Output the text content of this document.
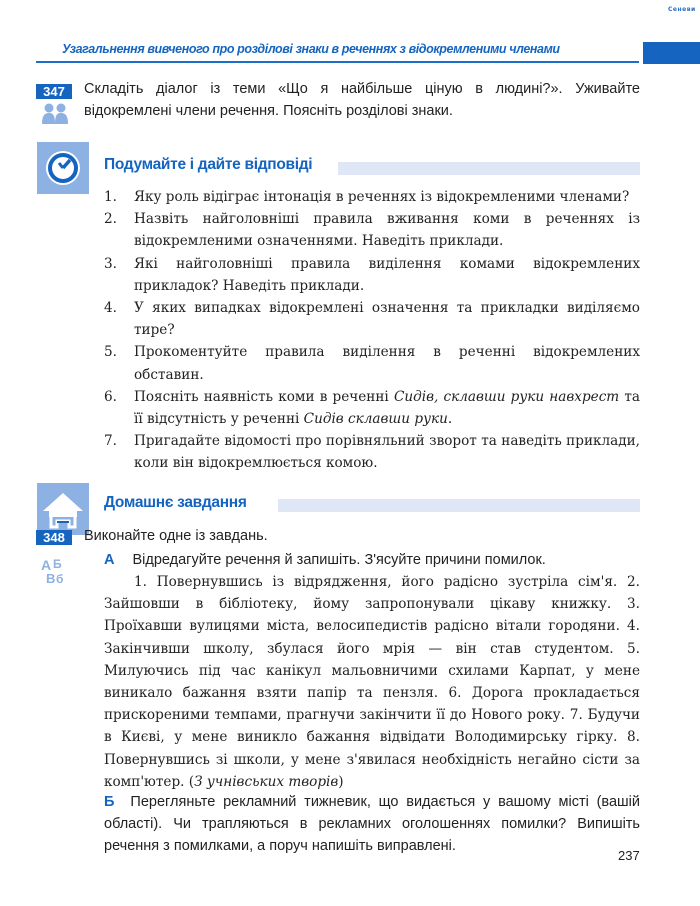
Сеневи
Узагальнення вивченого про розділові знаки в реченнях з відокремленими членами
347	Складіть діалог із теми «Що я найбільше ціную в людині?». Уживайте відокремлені члени речення. Поясніть розділові знаки.

Подумайте і дайте відповіді
1. Яку роль відіграє інтонація в реченнях із відокремленими членами?
2. Назвіть найголовніші правила вживання коми в реченнях із відокремленими означеннями. Наведіть приклади.
3. Які найголовніші правила виділення комами відокремлених прикладок? Наведіть приклади.
4. У яких випадках відокремлені означення та прикладки виділяємо тире?
5. Прокоментуйте правила виділення в реченні відокремлених обставин.
6. Поясніть наявність коми в реченні Сидів, склавши руки навхрест та її відсутність у реченні Сидів склавши руки.
7. Пригадайте відомості про порівняльний зворот та наведіть приклади, коли він відокремлюється комою.
Домашнє завдання
348
А Б
В б

Виконайте одне із завдань.

А Відредагуйте речення й запишіть. З'ясуйте причини помилок.

1. Повернувшись із відрядження, його радісно зустріла сім'я. 2. Зайшовши в бібліотеку, йому запропонували цікаву книжку. 3. Проїхавши вулицями міста, велосипедистів радісно вітали городяни. 4. Закінчивши школу, збулася його мрія — він став студентом. 5. Милуючись під час канікул мальовничими схилами Карпат, у мене виникало бажання взяти папір та пензля. 6. Дорога прокладається прискореними темпами, прагнучи закінчити її до Нового року. 7. Будучи в Києві, у мене виникло бажання відвідати Володимирську гірку. 8. Повернувшись зі школи, у мене з'явилася необхідність негайно сісти за комп'ютер. (З учнівських творів)

Б Перегляньте рекламний тижневик, що видається у вашому місті (вашій області). Чи трапляються в рекламних оголошеннях помилки? Випишіть речення з помилками, а поруч напишіть виправлені.
237
